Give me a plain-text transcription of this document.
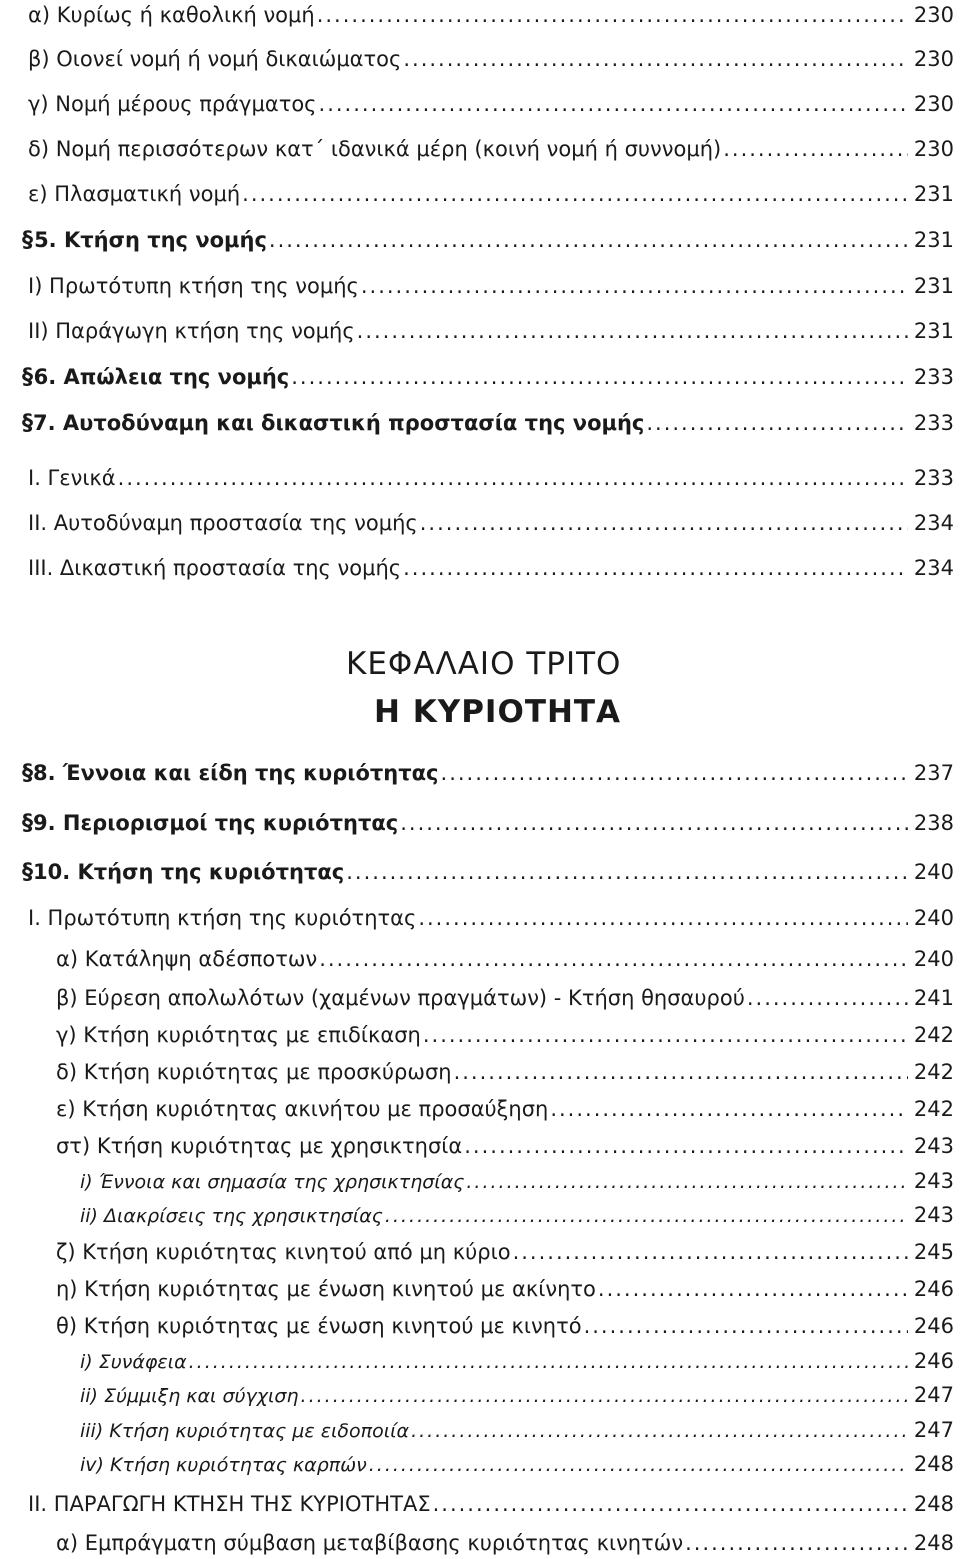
α) Κυρίως ή καθολική νομή .....	230
β) Οιονεί νομή ή νομή δικαιώματος .....	230
γ) Νομή μέρους πράγματος .....	230
δ) Νομή περισσότερων κατ΄ ιδανικά μέρη (κοινή νομή ή συννομή) .....	230
ε) Πλασματική νομή .....	231
§ 5. Κτήση της νομής .....	231
I) Πρωτότυπη κτήση της νομής .....	231
II) Παράγωγη κτήση της νομής .....	231
§ 6. Απώλεια της νομής .....	233
§ 7. Αυτοδύναμη και δικαστική προστασία της νομής .....	233
I. Γενικά .....	233
II. Αυτοδύναμη προστασία της νομής .....	234
III. Δικαστική προστασία της νομής .....	234
ΚΕΦΑΛΑΙΟ ΤΡΙΤΟ
Η ΚΥΡΙΟΤΗΤΑ
§ 8. Έννοια και είδη της κυριότητας .....	237
§ 9. Περιορισμοί της κυριότητας .....	238
§ 10. Κτήση της κυριότητας .....	240
I. Πρωτότυπη κτήση της κυριότητας .....	240
α) Κατάληψη αδέσποτων .....	240
β) Εύρεση απολωλότων (χαμένων πραγμάτων) - Κτήση θησαυρού .....	241
γ) Κτήση κυριότητας με επιδίκαση .....	242
δ) Κτήση κυριότητας με προσκύρωση .....	242
ε) Κτήση κυριότητας ακινήτου με προσαύξηση .....	242
στ) Κτήση κυριότητας με χρησικτησία .....	243
i) Έννοια και σημασία της χρησικτησίας .....	243
ii) Διακρίσεις της χρησικτησίας .....	243
ζ) Κτήση κυριότητας κινητού από μη κύριο .....	245
η) Κτήση κυριότητας με ένωση κινητού με ακίνητο .....	246
θ) Κτήση κυριότητας με ένωση κινητού με κινητό .....	246
i) Συνάφεια .....	246
ii) Σύμμιξη και σύγχιση .....	247
iii) Κτήση κυριότητας με ειδοποιία .....	247
iv) Κτήση κυριότητας καρπών .....	248
II. ΠΑΡΑΓΩΓΗ ΚΤΗΣΗ ΤΗΣ ΚΥΡΙΟΤΗΤΑΣ .....	248
α) Εμπράγματη σύμβαση μεταβίβασης κυριότητας κινητών .....	248
